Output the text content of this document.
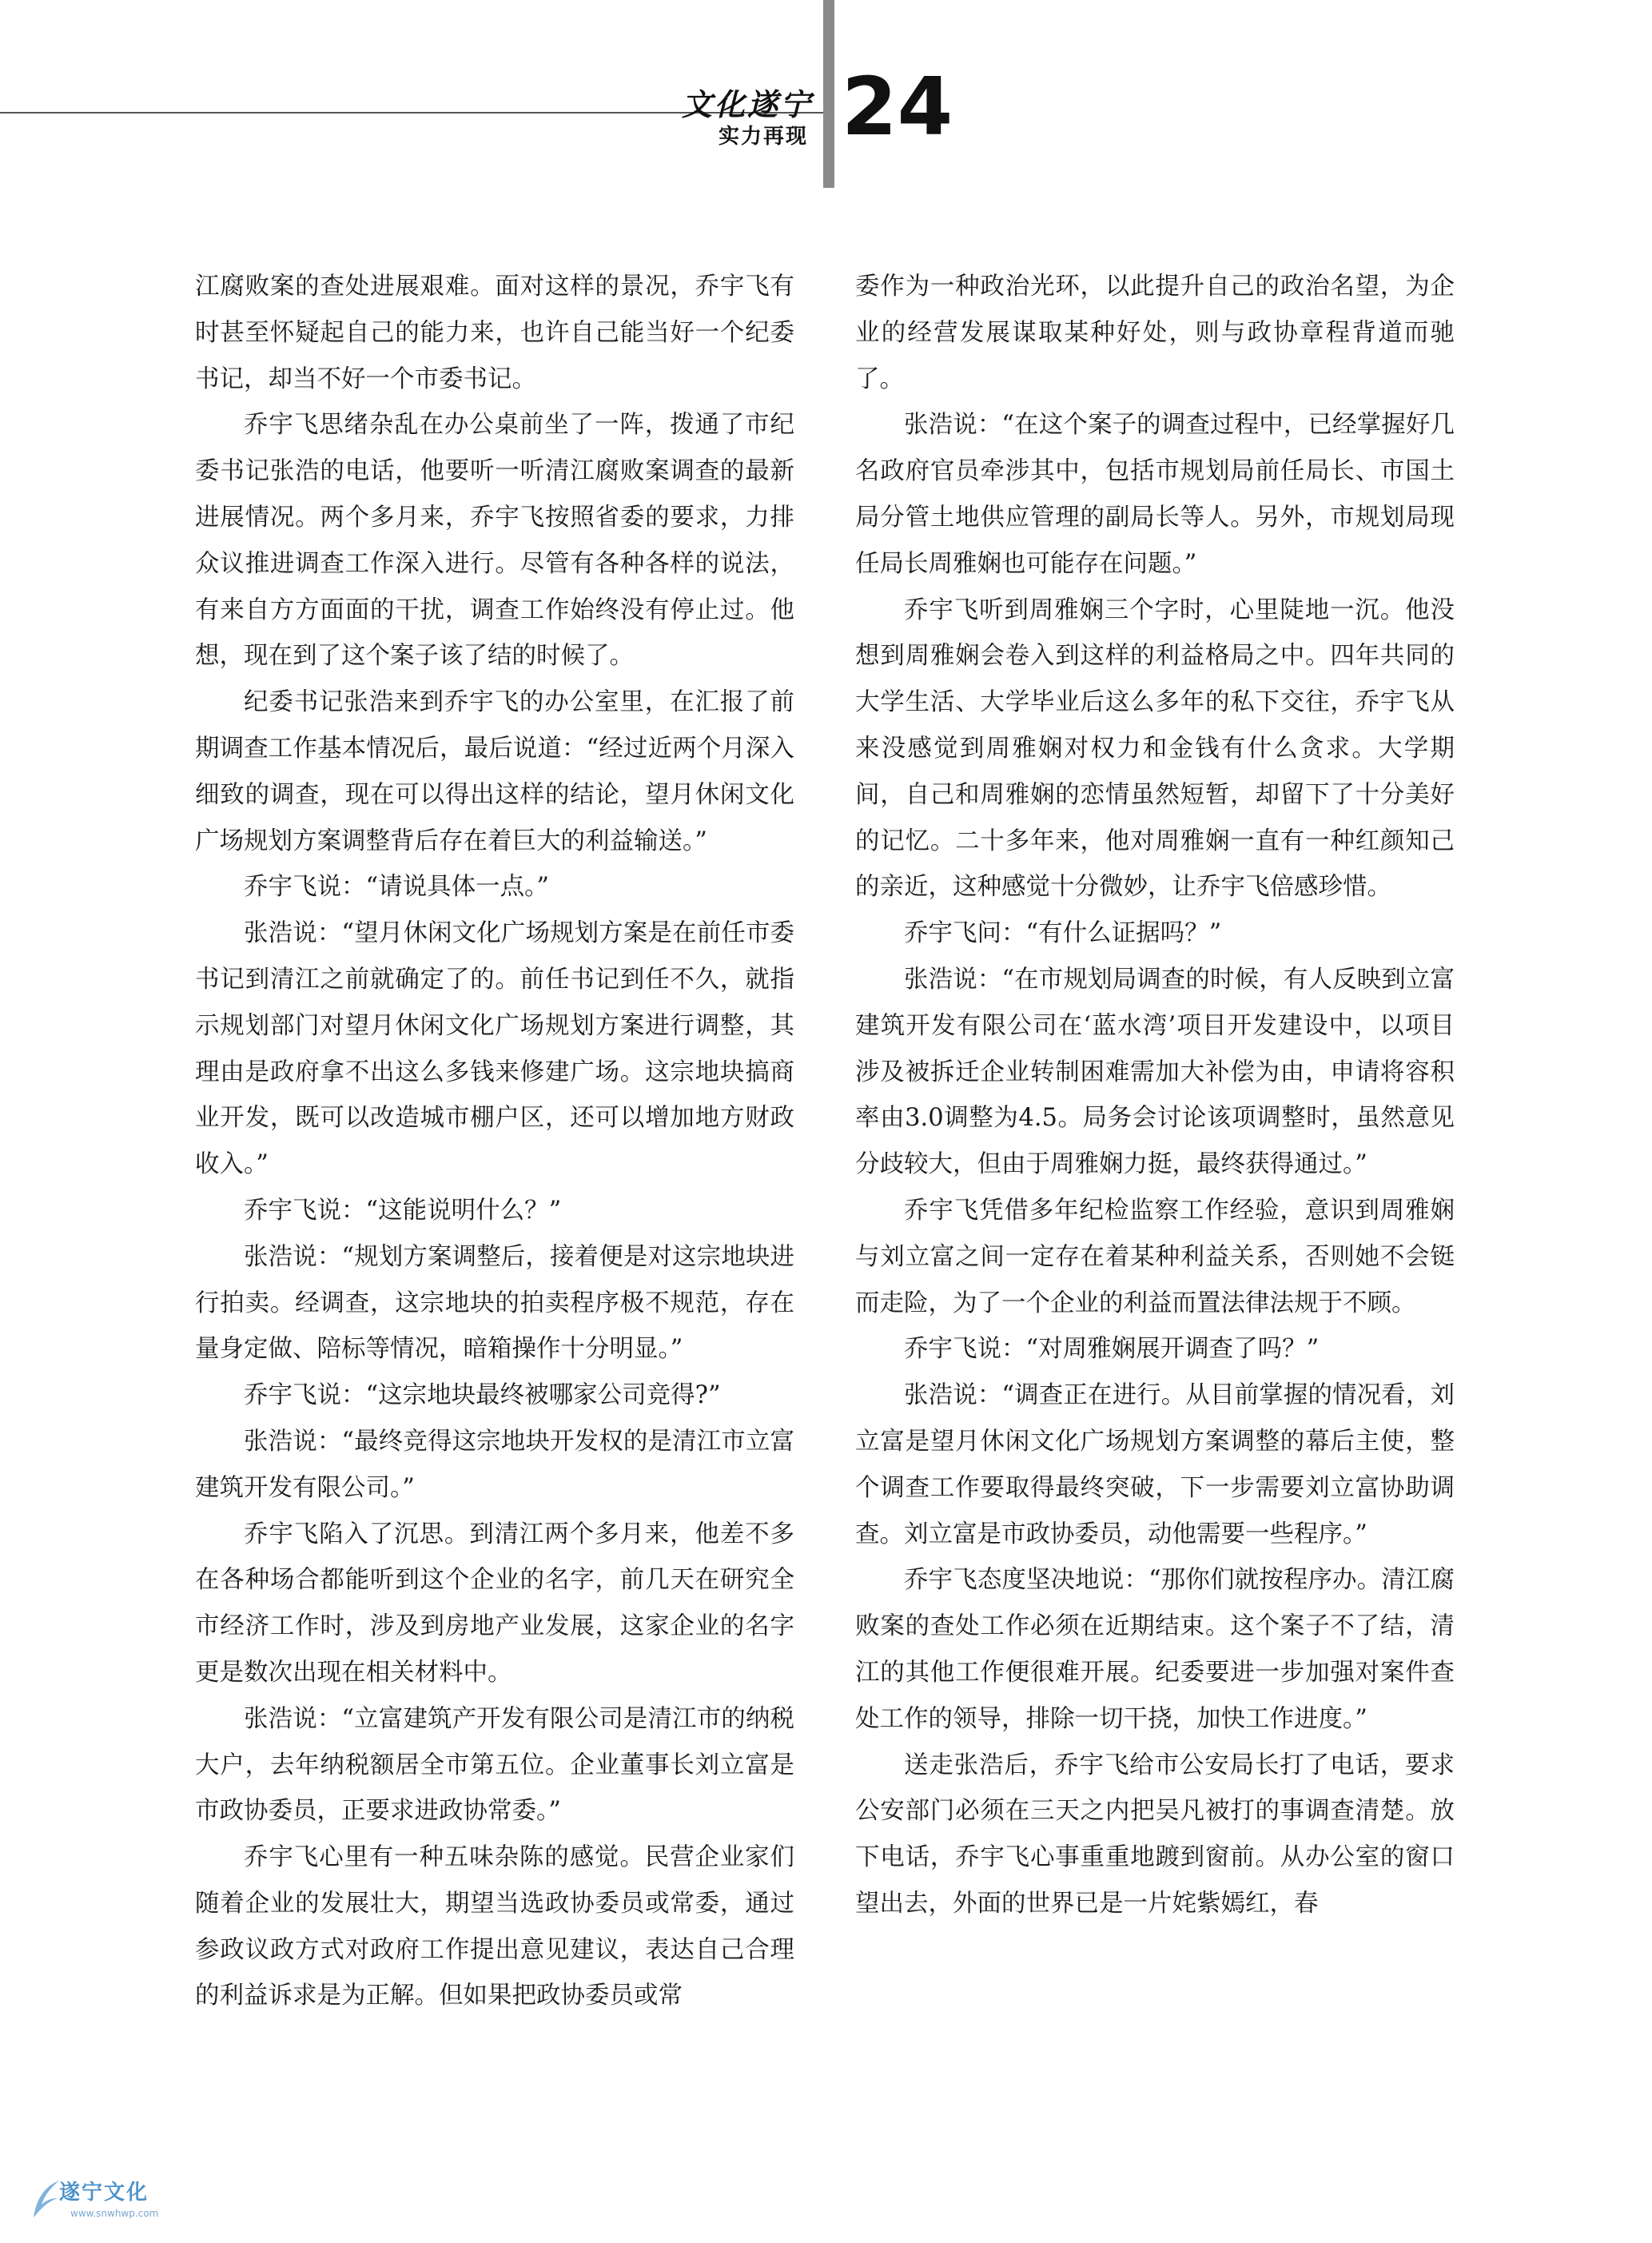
文化遂宁
实力再现 24

江腐败案的查处进展艰难。面对这样的景况，乔宇飞有时甚至怀疑起自己的能力来，也许自己能当好一个纪委书记，却当不好一个市委书记。

乔宇飞思绪杂乱在办公桌前坐了一阵，拨通了市纪委书记张浩的电话，他要听一听清江腐败案调查的最新进展情况。两个多月来，乔宇飞按照省委的要求，力排众议推进调查工作深入进行。尽管有各种各样的说法，有来自方方面面的干扰，调查工作始终没有停止过。他想，现在到了这个案子该了结的时候了。

纪委书记张浩来到乔宇飞的办公室里，在汇报了前期调查工作基本情况后，最后说道：“经过近两个月深入细致的调查，现在可以得出这样的结论，望月休闲文化广场规划方案调整背后存在着巨大的利益输送。”

乔宇飞说：“请说具体一点。”

张浩说：“望月休闲文化广场规划方案是在前任市委书记到清江之前就确定了的。前任书记到任不久，就指示规划部门对望月休闲文化广场规划方案进行调整，其理由是政府拿不出这么多钱来修建广场。这宗地块搞商业开发，既可以改造城市棚户区，还可以增加地方财政收入。”

乔宇飞说：“这能说明什么？”

张浩说：“规划方案调整后，接着便是对这宗地块进行拍卖。经调查，这宗地块的拍卖程序极不规范，存在量身定做、陪标等情况，暗箱操作十分明显。”

乔宇飞说：“这宗地块最终被哪家公司竞得?”

张浩说：“最终竞得这宗地块开发权的是清江市立富建筑开发有限公司。”

乔宇飞陷入了沉思。到清江两个多月来，他差不多在各种场合都能听到这个企业的名字，前几天在研究全市经济工作时，涉及到房地产业发展，这家企业的名字更是数次出现在相关材料中。

张浩说：“立富建筑产开发有限公司是清江市的纳税大户，去年纳税额居全市第五位。企业董事长刘立富是市政协委员，正要求进政协常委。”

乔宇飞心里有一种五味杂陈的感觉。民营企业家们随着企业的发展壮大，期望当选政协委员或常委，通过参政议政方式对政府工作提出意见建议，表达自己合理的利益诉求是为正解。但如果把政协委员或常

委作为一种政治光环，以此提升自己的政治名望，为企业的经营发展谋取某种好处，则与政协章程背道而驰了。

张浩说：“在这个案子的调查过程中，已经掌握好几名政府官员牵涉其中，包括市规划局前任局长、市国土局分管土地供应管理的副局长等人。另外，市规划局现任局长周雅娴也可能存在问题。”

乔宇飞听到周雅娴三个字时，心里陡地一沉。他没想到周雅娴会卷入到这样的利益格局之中。四年共同的大学生活、大学毕业后这么多年的私下交往，乔宇飞从来没感觉到周雅娴对权力和金钱有什么贪求。大学期间，自己和周雅娴的恋情虽然短暂，却留下了十分美好的记忆。二十多年来，他对周雅娴一直有一种红颜知己的亲近，这种感觉十分微妙，让乔宇飞倍感珍惜。

乔宇飞问：“有什么证据吗？”

张浩说：“在市规划局调查的时候，有人反映到立富建筑开发有限公司在‘蓝水湾’项目开发建设中，以项目涉及被拆迁企业转制困难需加大补偿为由，申请将容积率由3.0调整为4.5。局务会讨论该项调整时，虽然意见分歧较大，但由于周雅娴力挺，最终获得通过。”

乔宇飞凭借多年纪检监察工作经验，意识到周雅娴与刘立富之间一定存在着某种利益关系，否则她不会铤而走险，为了一个企业的利益而置法律法规于不顾。

乔宇飞说：“对周雅娴展开调查了吗？”

张浩说：“调查正在进行。从目前掌握的情况看，刘立富是望月休闲文化广场规划方案调整的幕后主使，整个调查工作要取得最终突破，下一步需要刘立富协助调查。刘立富是市政协委员，动他需要一些程序。”

乔宇飞态度坚决地说：“那你们就按程序办。清江腐败案的查处工作必须在近期结束。这个案子不了结，清江的其他工作便很难开展。纪委要进一步加强对案件查处工作的领导，排除一切干挠，加快工作进度。”

送走张浩后，乔宇飞给市公安局长打了电话，要求公安部门必须在三天之内把吴凡被打的事调查清楚。放下电话，乔宇飞心事重重地踱到窗前。从办公室的窗口望出去，外面的世界已是一片姹紫嫣红，春

遂宁文化
www.snwhwp.com
